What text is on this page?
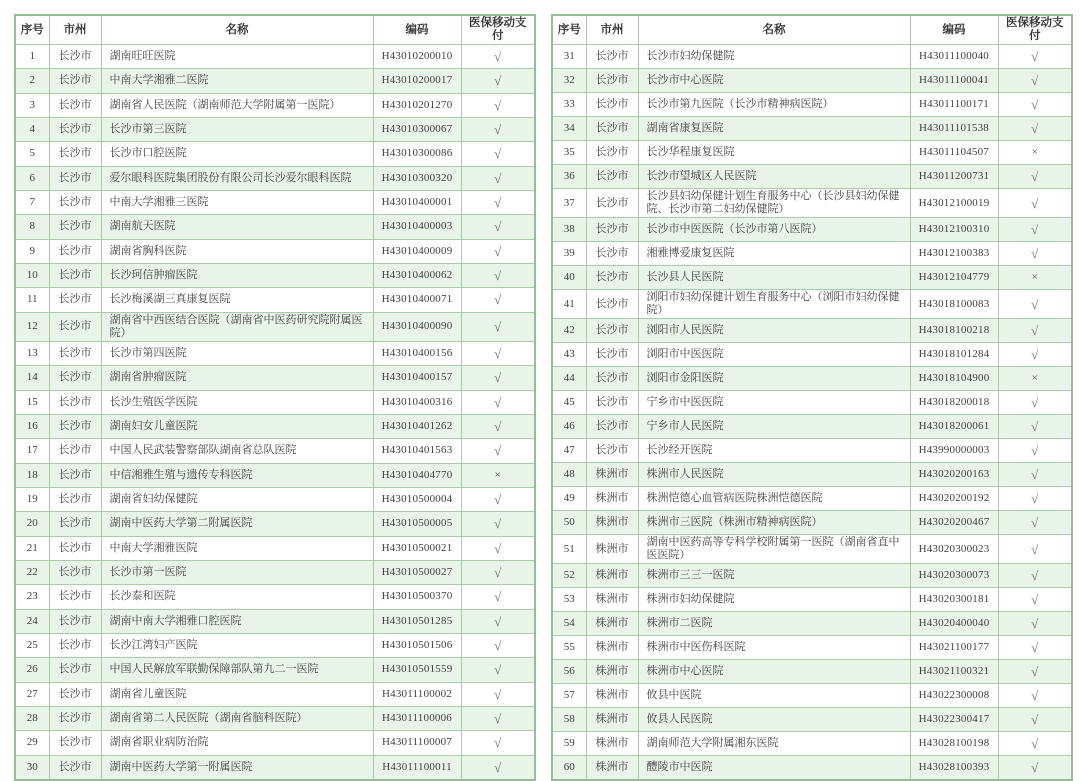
序号	市州	名称	编码	医保移动支付
1	长沙市	湖南旺旺医院	H43010200010	√
2	长沙市	中南大学湘雅二医院	H43010200017	√
3	长沙市	湖南省人民医院（湖南师范大学附属第一医院）	H43010201270	√
4	长沙市	长沙市第三医院	H43010300067	√
5	长沙市	长沙市口腔医院	H43010300086	√
6	长沙市	爱尔眼科医院集团股份有限公司长沙爱尔眼科医院	H43010300320	√
7	长沙市	中南大学湘雅三医院	H43010400001	√
8	长沙市	湖南航天医院	H43010400003	√
9	长沙市	湖南省胸科医院	H43010400009	√
10	长沙市	长沙珂信肿瘤医院	H43010400062	√
11	长沙市	长沙梅溪湖三真康复医院	H43010400071	√
12	长沙市	湖南省中西医结合医院（湖南省中医药研究院附属医院）	H43010400090	√
13	长沙市	长沙市第四医院	H43010400156	√
14	长沙市	湖南省肿瘤医院	H43010400157	√
15	长沙市	长沙生殖医学医院	H43010400316	√
16	长沙市	湖南妇女儿童医院	H43010401262	√
17	长沙市	中国人民武装警察部队湖南省总队医院	H43010401563	√
18	长沙市	中信湘雅生殖与遗传专科医院	H43010404770	×
19	长沙市	湖南省妇幼保健院	H43010500004	√
20	长沙市	湖南中医药大学第二附属医院	H43010500005	√
21	长沙市	中南大学湘雅医院	H43010500021	√
22	长沙市	长沙市第一医院	H43010500027	√
23	长沙市	长沙泰和医院	H43010500370	√
24	长沙市	湖南中南大学湘雅口腔医院	H43010501285	√
25	长沙市	长沙江湾妇产医院	H43010501506	√
26	长沙市	中国人民解放军联勤保障部队第九二一医院	H43010501559	√
27	长沙市	湖南省儿童医院	H43011100002	√
28	长沙市	湖南省第二人民医院（湖南省脑科医院）	H43011100006	√
29	长沙市	湖南省职业病防治院	H43011100007	√
30	长沙市	湖南中医药大学第一附属医院	H43011100011	√
序号	市州	名称	编码	医保移动支付
31	长沙市	长沙市妇幼保健院	H43011100040	√
32	长沙市	长沙市中心医院	H43011100041	√
33	长沙市	长沙市第九医院（长沙市精神病医院）	H43011100171	√
34	长沙市	湖南省康复医院	H43011101538	√
35	长沙市	长沙华程康复医院	H43011104507	×
36	长沙市	长沙市望城区人民医院	H43011200731	√
37	长沙市	长沙县妇幼保健计划生育服务中心（长沙县妇幼保健院、长沙市第二妇幼保健院）	H43012100019	√
38	长沙市	长沙市中医医院（长沙市第八医院）	H43012100310	√
39	长沙市	湘雅博爱康复医院	H43012100383	√
40	长沙市	长沙县人民医院	H43012104779	×
41	长沙市	浏阳市妇幼保健计划生育服务中心（浏阳市妇幼保健院）	H43018100083	√
42	长沙市	浏阳市人民医院	H43018100218	√
43	长沙市	浏阳市中医医院	H43018101284	√
44	长沙市	浏阳市金阳医院	H43018104900	×
45	长沙市	宁乡市中医医院	H43018200018	√
46	长沙市	宁乡市人民医院	H43018200061	√
47	长沙市	长沙经开医院	H43990000003	√
48	株洲市	株洲市人民医院	H43020200163	√
49	株洲市	株洲恺德心血管病医院株洲恺德医院	H43020200192	√
50	株洲市	株洲市三医院（株洲市精神病医院）	H43020200467	√
51	株洲市	湖南中医药高等专科学校附属第一医院（湖南省直中医医院）	H43020300023	√
52	株洲市	株洲市三三一医院	H43020300073	√
53	株洲市	株洲市妇幼保健院	H43020300181	√
54	株洲市	株洲市二医院	H43020400040	√
55	株洲市	株洲市中医伤科医院	H43021100177	√
56	株洲市	株洲市中心医院	H43021100321	√
57	株洲市	攸县中医院	H43022300008	√
58	株洲市	攸县人民医院	H43022300417	√
59	株洲市	湖南师范大学附属湘东医院	H43028100198	√
60	株洲市	醴陵市中医院	H43028100393	√
